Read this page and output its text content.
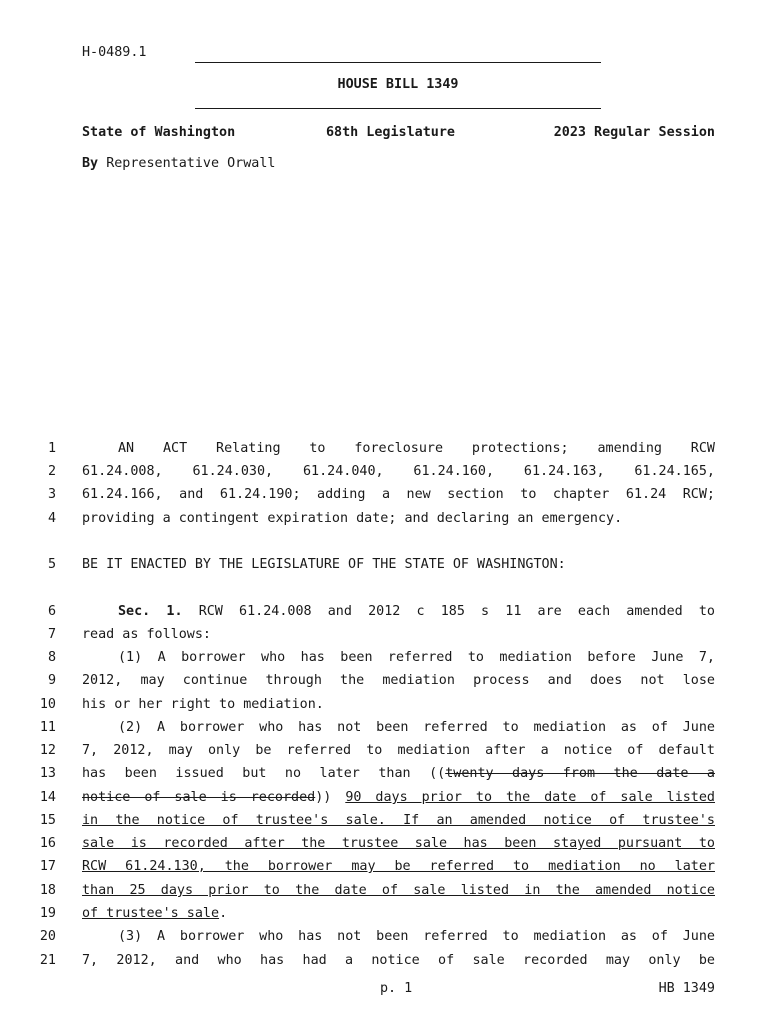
H-0489.1
HOUSE BILL 1349
State of Washington	68th Legislature	2023 Regular Session
By Representative Orwall
1
2
3
4
5
6
7
8
9
10
11
12
13
14
15
16
17
18
19
20
21
AN ACT Relating to foreclosure protections; amending RCW
61.24.008, 61.24.030, 61.24.040, 61.24.160, 61.24.163, 61.24.165,
61.24.166, and 61.24.190; adding a new section to chapter 61.24 RCW;
providing a contingent expiration date; and declaring an emergency.
BE IT ENACTED BY THE LEGISLATURE OF THE STATE OF WASHINGTON:
Sec. 1. RCW 61.24.008 and 2012 c 185 s 11 are each amended to
read as follows:
(1) A borrower who has been referred to mediation before June 7,
2012, may continue through the mediation process and does not lose
his or her right to mediation.
(2) A borrower who has not been referred to mediation as of June
7, 2012, may only be referred to mediation after a notice of default
has been issued but no later than ((twenty days from the date a
notice of sale is recorded)) 90 days prior to the date of sale listed
in the notice of trustee's sale. If an amended notice of trustee's
sale is recorded after the trustee sale has been stayed pursuant to
RCW 61.24.130, the borrower may be referred to mediation no later
than 25 days prior to the date of sale listed in the amended notice
of trustee's sale.
(3) A borrower who has not been referred to mediation as of June
7, 2012, and who has had a notice of sale recorded may only be
p. 1	HB 1349
